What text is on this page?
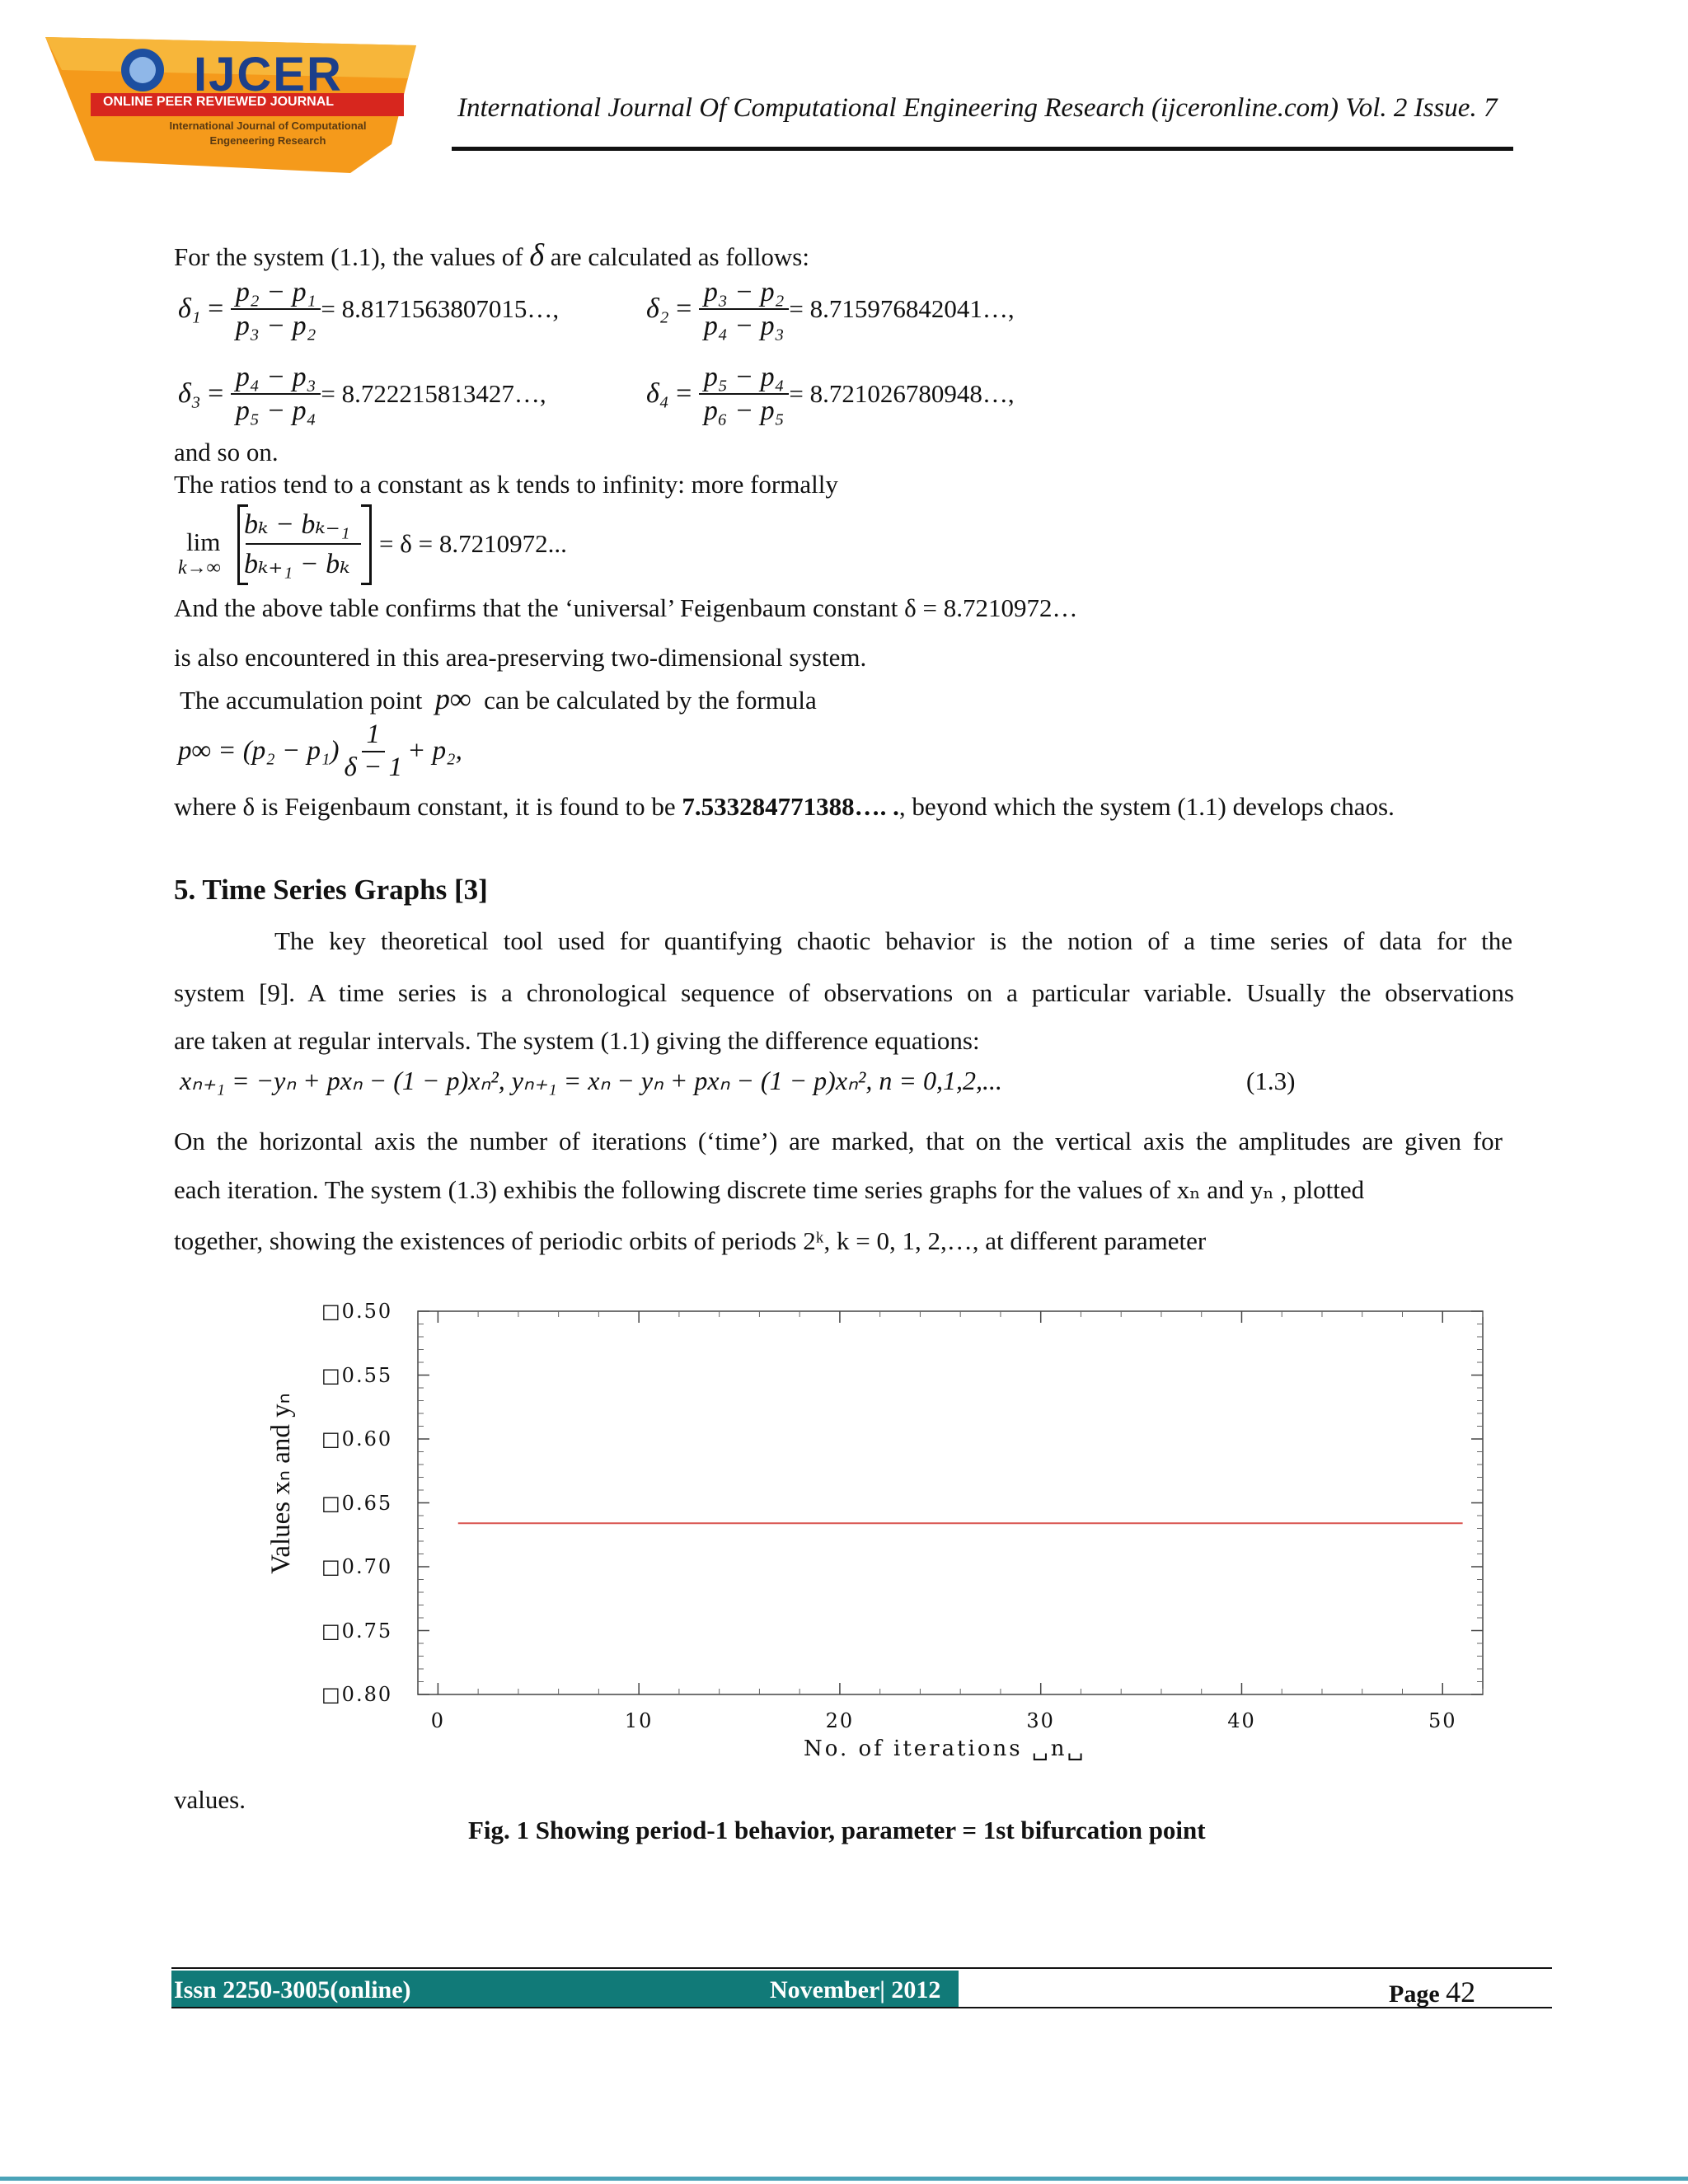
IJCER
ONLINE PEER REVIEWED JOURNAL
International Journal of Computational
Engeneering Research
International Journal Of Computational Engineering Research (ijceronline.com) Vol. 2 Issue. 7
For the system (1.1), the values of δ are calculated as follows:
$\delta_1 = \frac{\text{p₂ − p₁}}{\text{p₃ − p₂}}$ = 8.8171563807015…,	$\delta_2 = \frac{\text{p₃ − p₂}}{\text{p₄ − p₃}}$ = 8.715976842041…,
$\delta_3 = \frac{\text{p₄ − p₃}}{\text{p₅ − p₄}}$ = 8.722215813427…,	$\delta_4 = \frac{\text{p₅ − p₄}}{\text{p₆ − p₅}}$ = 8.721026780948…,
and so on.
The ratios tend to a constant as k tends to infinity: more formally
lim
k→∞
bₖ − bₖ₋₁
bₖ₊₁ − bₖ
= δ = 8.7210972...
And the above table confirms that the ‘universal’ Feigenbaum constant δ = 8.7210972…
is also encountered in this area-preserving two-dimensional system.
The accumulation point p∞ can be calculated by the formula
$p\infty = (p_2 - p_1) \frac{1}{\delta - 1} + p_2$,
where δ is Feigenbaum constant, it is found to be 7.533284771388…. ., beyond which the system (1.1) develops chaos.
5. Time Series Graphs [3]
The key theoretical tool used for quantifying chaotic behavior is the notion of a time series of data for the
system [9]. A time series is a chronological sequence of observations on a particular variable. Usually the observations
are taken at regular intervals. The system (1.1) giving the difference equations:
xₙ₊₁ = −yₙ + pxₙ − (1 − p)xₙ², yₙ₊₁ = xₙ − yₙ + pxₙ − (1 − p)xₙ², n = 0,1,2,...	(1.3)
On the horizontal axis the number of iterations (‘time’) are marked, that on the vertical axis the amplitudes are given for
each iteration. The system (1.3) exhibis the following discrete time series graphs for the values of xₙ and yₙ , plotted
together, showing the existences of periodic orbits of periods 2ᵏ, k = 0, 1, 2,…, at different parameter
□0.50
□0.55
□0.60
□0.65
□0.70
□0.75
□0.80
0	10	20	30	40	50
Values xₙ and yₙ
No. of iterations ␣n␣
values.
Fig. 1 Showing period-1 behavior, parameter = 1st bifurcation point
Issn 2250-3005(online)	November| 2012	Page 42
